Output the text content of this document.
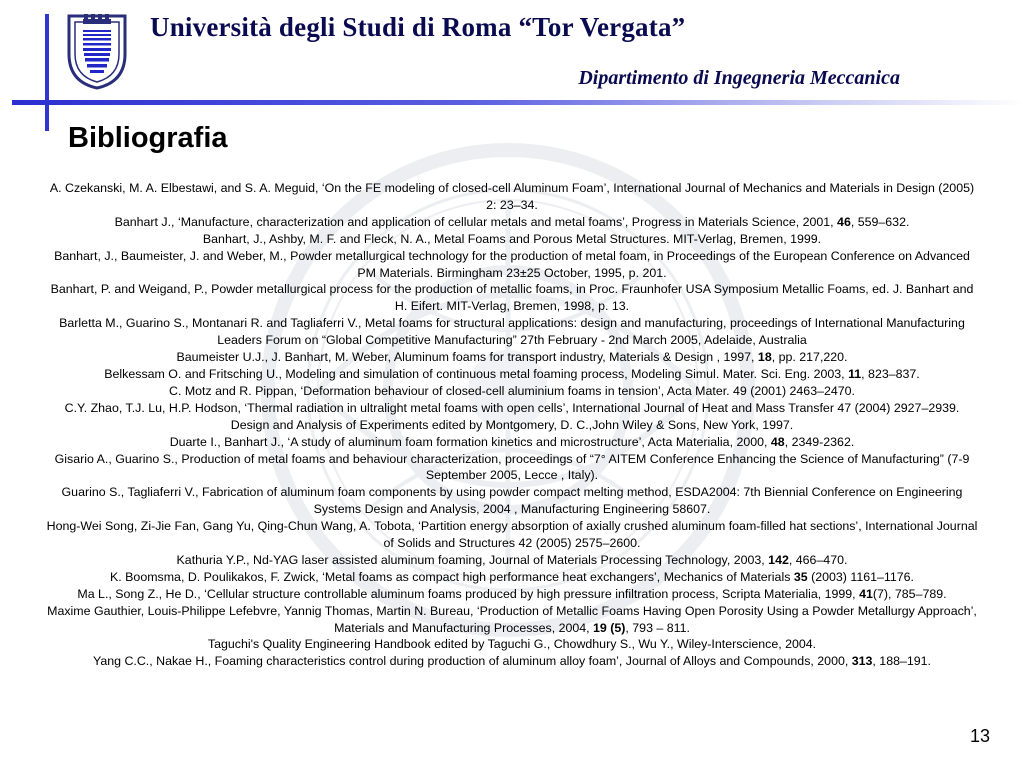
Università degli Studi di Roma “Tor Vergata”
Dipartimento di Ingegneria Meccanica
Bibliografia

A. Czekanski, M. A. Elbestawi, and S. A. Meguid, ‘On the FE modeling of closed-cell Aluminum Foam’, International Journal of Mechanics and Materials in Design (2005) 2: 23–34.

Banhart J., ‘Manufacture, characterization and application of cellular metals and metal foams’, Progress in Materials Science, 2001, 46, 559–632.

Banhart, J., Ashby, M. F. and Fleck, N. A., Metal Foams and Porous Metal Structures. MIT-Verlag, Bremen, 1999.

Banhart, J., Baumeister, J. and Weber, M., Powder metallurgical technology for the production of metal foam, in Proceedings of the European Conference on Advanced PM Materials. Birmingham 23±25 October, 1995, p. 201.

Banhart, P. and Weigand, P., Powder metallurgical process for the production of metallic foams, in Proc. Fraunhofer USA Symposium Metallic Foams, ed. J. Banhart and H. Eifert. MIT-Verlag, Bremen, 1998, p. 13.

Barletta M., Guarino S., Montanari R. and Tagliaferri V., Metal foams for structural applications: design and manufacturing, proceedings of International Manufacturing Leaders Forum on “Global Competitive Manufacturing” 27th February - 2nd March 2005, Adelaide, Australia

Baumeister U.J., J. Banhart, M. Weber, Aluminum foams for transport industry, Materials & Design , 1997, 18, pp. 217,220.

Belkessam O. and Fritsching U., Modeling and simulation of continuous metal foaming process, Modeling Simul. Mater. Sci. Eng. 2003, 11, 823–837.

C. Motz and R. Pippan, ‘Deformation behaviour of closed-cell aluminium foams in tension’, Acta Mater. 49 (2001) 2463–2470.

C.Y. Zhao, T.J. Lu, H.P. Hodson, ‘Thermal radiation in ultralight metal foams with open cells’, International Journal of Heat and Mass Transfer 47 (2004) 2927–2939.

Design and Analysis of Experiments edited by Montgomery, D. C.,John Wiley & Sons, New York, 1997.

Duarte I., Banhart J., ‘A study of aluminum foam formation kinetics and microstructure’, Acta Materialia, 2000, 48, 2349-2362.

Gisario A., Guarino S., Production of metal foams and behaviour characterization, proceedings of “7° AITEM Conference Enhancing the Science of Manufacturing” (7-9 September 2005, Lecce , Italy).

Guarino S., Tagliaferri V., Fabrication of aluminum foam components by using powder compact melting method, ESDA2004: 7th Biennial Conference on Engineering Systems Design and Analysis, 2004 , Manufacturing Engineering 58607.

Hong-Wei Song, Zi-Jie Fan, Gang Yu, Qing-Chun Wang, A. Tobota, ‘Partition energy absorption of axially crushed aluminum foam-filled hat sections’, International Journal of Solids and Structures 42 (2005) 2575–2600.

Kathuria Y.P., Nd-YAG laser assisted aluminum foaming, Journal of Materials Processing Technology, 2003, 142, 466–470.

K. Boomsma, D. Poulikakos, F. Zwick, ‘Metal foams as compact high performance heat exchangers’, Mechanics of Materials 35 (2003) 1161–1176.

Ma L., Song Z., He D., ‘Cellular structure controllable aluminum foams produced by high pressure infiltration process, Scripta Materialia, 1999, 41(7), 785–789.

Maxime Gauthier, Louis-Philippe Lefebvre, Yannig Thomas, Martin N. Bureau, ‘Production of Metallic Foams Having Open Porosity Using a Powder Metallurgy Approach’, Materials and Manufacturing Processes, 2004, 19 (5), 793 – 811.

Taguchi's Quality Engineering Handbook edited by Taguchi G., Chowdhury S., Wu Y., Wiley-Interscience, 2004.

Yang C.C., Nakae H., Foaming characteristics control during production of aluminum alloy foam’, Journal of Alloys and Compounds, 2000, 313, 188–191.

13
